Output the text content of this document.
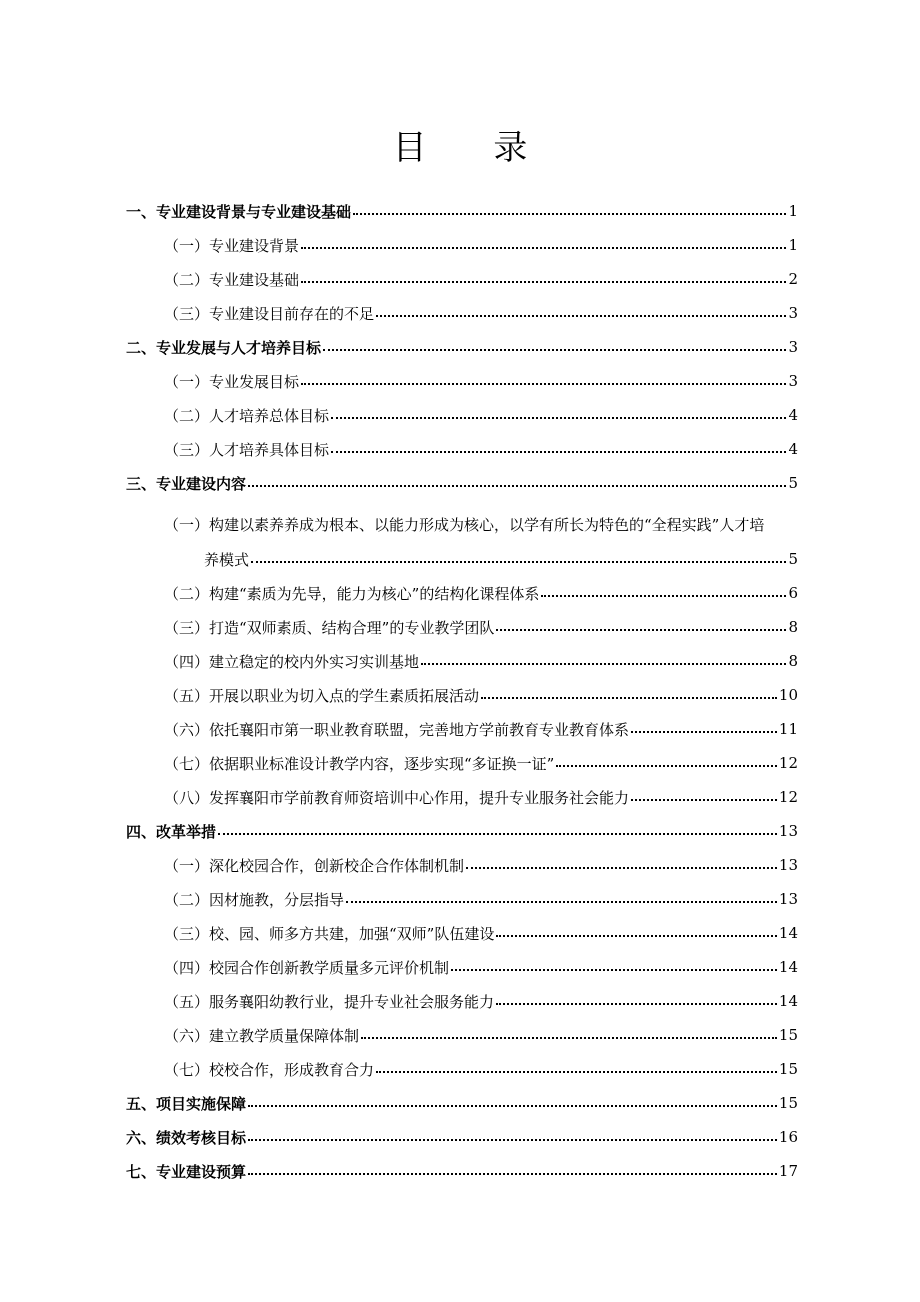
目 录
一、专业建设背景与专业建设基础	1
（一）专业建设背景	1
（二）专业建设基础	2
（三）专业建设目前存在的不足	3
二、专业发展与人才培养目标	3
（一）专业发展目标	3
（二）人才培养总体目标	4
（三）人才培养具体目标	4
三、专业建设内容	5
（一）构建以素养养成为根本、以能力形成为核心，以学有所长为特色的“全程实践”人才培
养模式	5
（二）构建“素质为先导，能力为核心”的结构化课程体系	6
（三）打造“双师素质、结构合理”的专业教学团队	8
（四）建立稳定的校内外实习实训基地	8
（五）开展以职业为切入点的学生素质拓展活动	10
（六）依托襄阳市第一职业教育联盟，完善地方学前教育专业教育体系	11
（七）依据职业标准设计教学内容，逐步实现“多证换一证”	12
（八）发挥襄阳市学前教育师资培训中心作用，提升专业服务社会能力	12
四、改革举措	13
（一）深化校园合作，创新校企合作体制机制	13
（二）因材施教，分层指导	13
（三）校、园、师多方共建，加强“双师”队伍建设	14
（四）校园合作创新教学质量多元评价机制	14
（五）服务襄阳幼教行业，提升专业社会服务能力	14
（六）建立教学质量保障体制	15
（七）校校合作，形成教育合力	15
五、项目实施保障	15
六、绩效考核目标	16
七、专业建设预算	17
